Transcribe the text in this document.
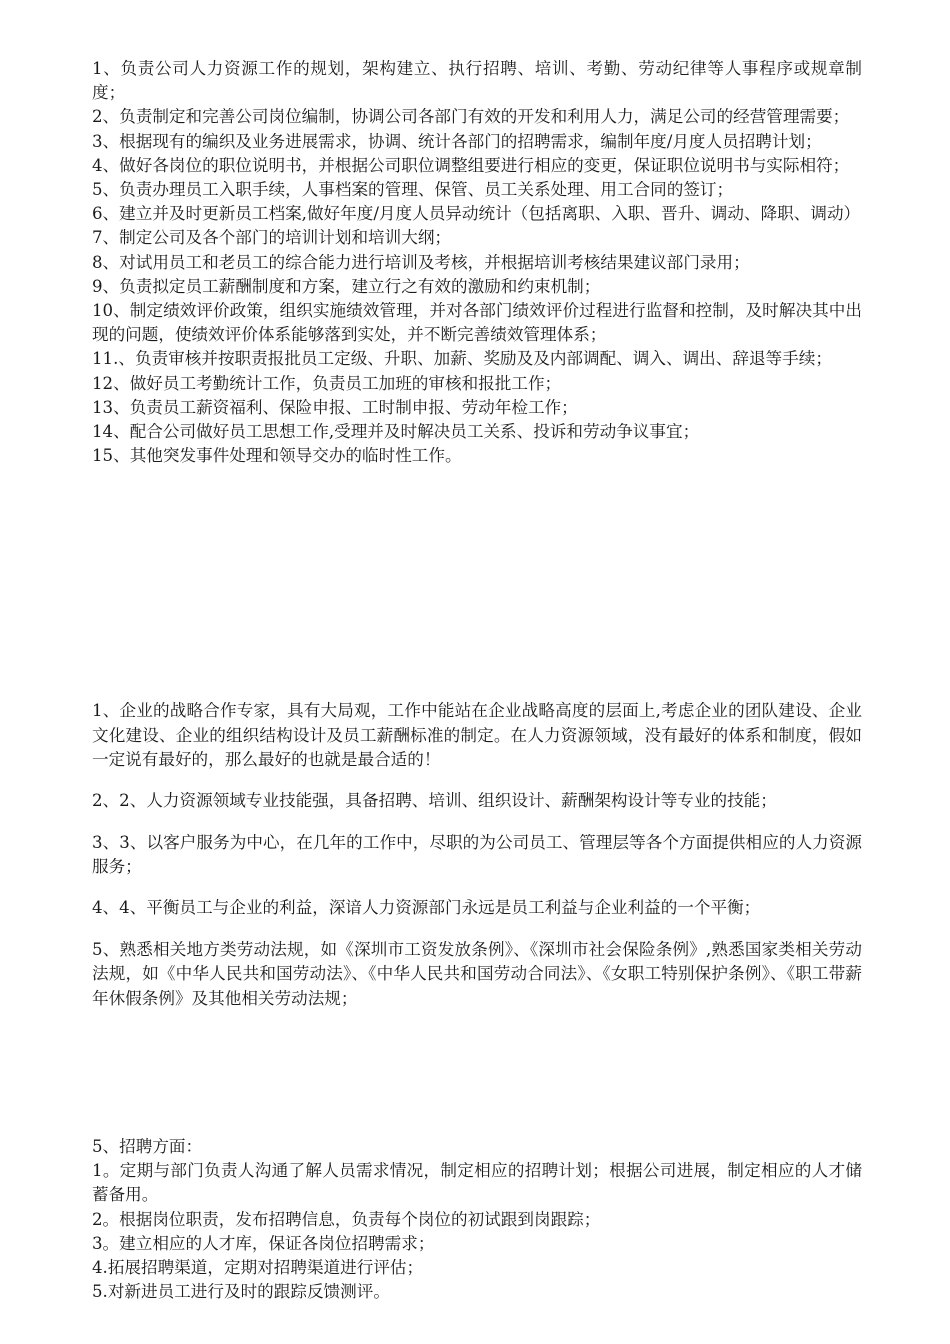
1、负责公司人力资源工作的规划，架构建立、执行招聘、培训、考勤、劳动纪律等人事程序或规章制度；

2、负责制定和完善公司岗位编制，协调公司各部门有效的开发和利用人力，满足公司的经营管理需要；

3、根据现有的编织及业务进展需求，协调、统计各部门的招聘需求，编制年度/月度人员招聘计划；

4、做好各岗位的职位说明书，并根据公司职位调整组要进行相应的变更，保证职位说明书与实际相符；

5、负责办理员工入职手续，人事档案的管理、保管、员工关系处理、用工合同的签订；

6、建立并及时更新员工档案,做好年度/月度人员异动统计（包括离职、入职、晋升、调动、降职、调动）

7、制定公司及各个部门的培训计划和培训大纲；

8、对试用员工和老员工的综合能力进行培训及考核，并根据培训考核结果建议部门录用；

9、负责拟定员工薪酬制度和方案，建立行之有效的激励和约束机制；

10、制定绩效评价政策，组织实施绩效管理，并对各部门绩效评价过程进行监督和控制，及时解决其中出现的问题，使绩效评价体系能够落到实处，并不断完善绩效管理体系；

11.、负责审核并按职责报批员工定级、升职、加薪、奖励及及内部调配、调入、调出、辞退等手续；

12、做好员工考勤统计工作，负责员工加班的审核和报批工作；

13、负责员工薪资福利、保险申报、工时制申报、劳动年检工作；

14、配合公司做好员工思想工作,受理并及时解决员工关系、投诉和劳动争议事宜；

15、其他突发事件处理和领导交办的临时性工作。

1、企业的战略合作专家，具有大局观，工作中能站在企业战略高度的层面上,考虑企业的团队建设、企业文化建设、企业的组织结构设计及员工薪酬标准的制定。在人力资源领域，没有最好的体系和制度，假如一定说有最好的，那么最好的也就是最合适的！

2、2、人力资源领域专业技能强，具备招聘、培训、组织设计、薪酬架构设计等专业的技能；

3、3、以客户服务为中心，在几年的工作中，尽职的为公司员工、管理层等各个方面提供相应的人力资源服务；

4、4、平衡员工与企业的利益，深谙人力资源部门永远是员工利益与企业利益的一个平衡；

5、熟悉相关地方类劳动法规，如《深圳市工资发放条例》、《深圳市社会保险条例》,熟悉国家类相关劳动法规，如《中华人民共和国劳动法》、《中华人民共和国劳动合同法》、《女职工特别保护条例》、《职工带薪年休假条例》及其他相关劳动法规；

5、招聘方面：

1。定期与部门负责人沟通了解人员需求情况，制定相应的招聘计划；根据公司进展，制定相应的人才储蓄备用。

2。根据岗位职责，发布招聘信息，负责每个岗位的初试跟到岗跟踪；

3。建立相应的人才库，保证各岗位招聘需求；

4.拓展招聘渠道，定期对招聘渠道进行评估；

5.对新进员工进行及时的跟踪反馈测评。
